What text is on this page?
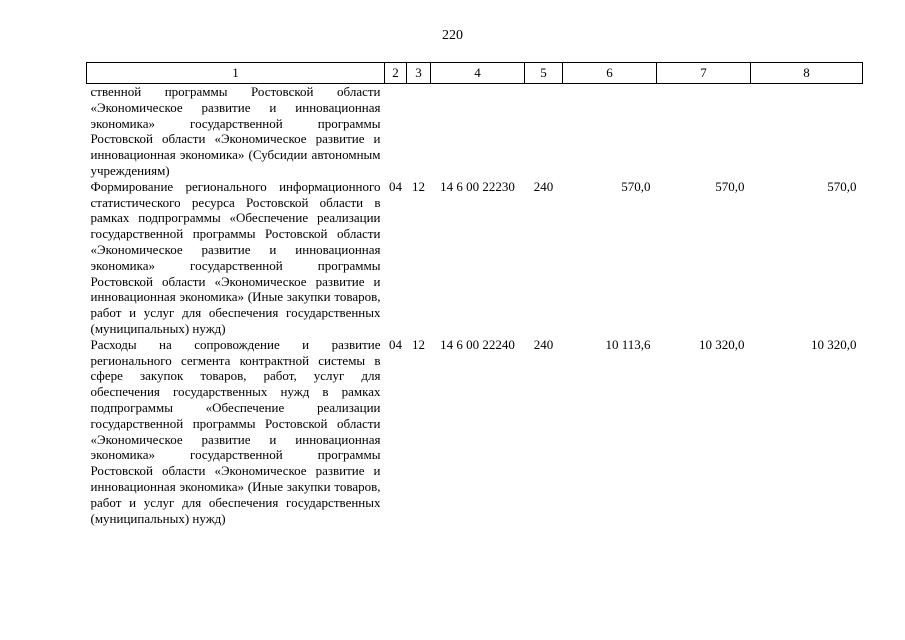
220
1	2	3	4	5	6	7	8
ственной программы Ростовской области «Экономическое развитие и инновационная экономика» государственной программы Ростовской области «Экономическое развитие и инновационная экономика» (Субсидии автономным учреждениям)							
Формирование регионального информационного статистического ресурса Ростовской области в рамках подпрограммы «Обеспечение реализации государственной программы Ростовской области «Экономическое развитие и инновационная экономика» государственной программы Ростовской области «Экономическое развитие и инновационная экономика» (Иные закупки товаров, работ и услуг для обеспечения государственных (муниципальных) нужд)	04	12	14 6 00 22230	240	570,0	570,0	570,0
Расходы на сопровождение и развитие регионального сегмента контрактной системы в сфере закупок товаров, работ, услуг для обеспечения государственных нужд в рамках подпрограммы «Обеспечение реализации государственной программы Ростовской области «Экономическое развитие и инновационная экономика» государственной программы Ростовской области «Экономическое развитие и инновационная экономика» (Иные закупки товаров, работ и услуг для обеспечения государственных (муниципальных) нужд)	04	12	14 6 00 22240	240	10 113,6	10 320,0	10 320,0
